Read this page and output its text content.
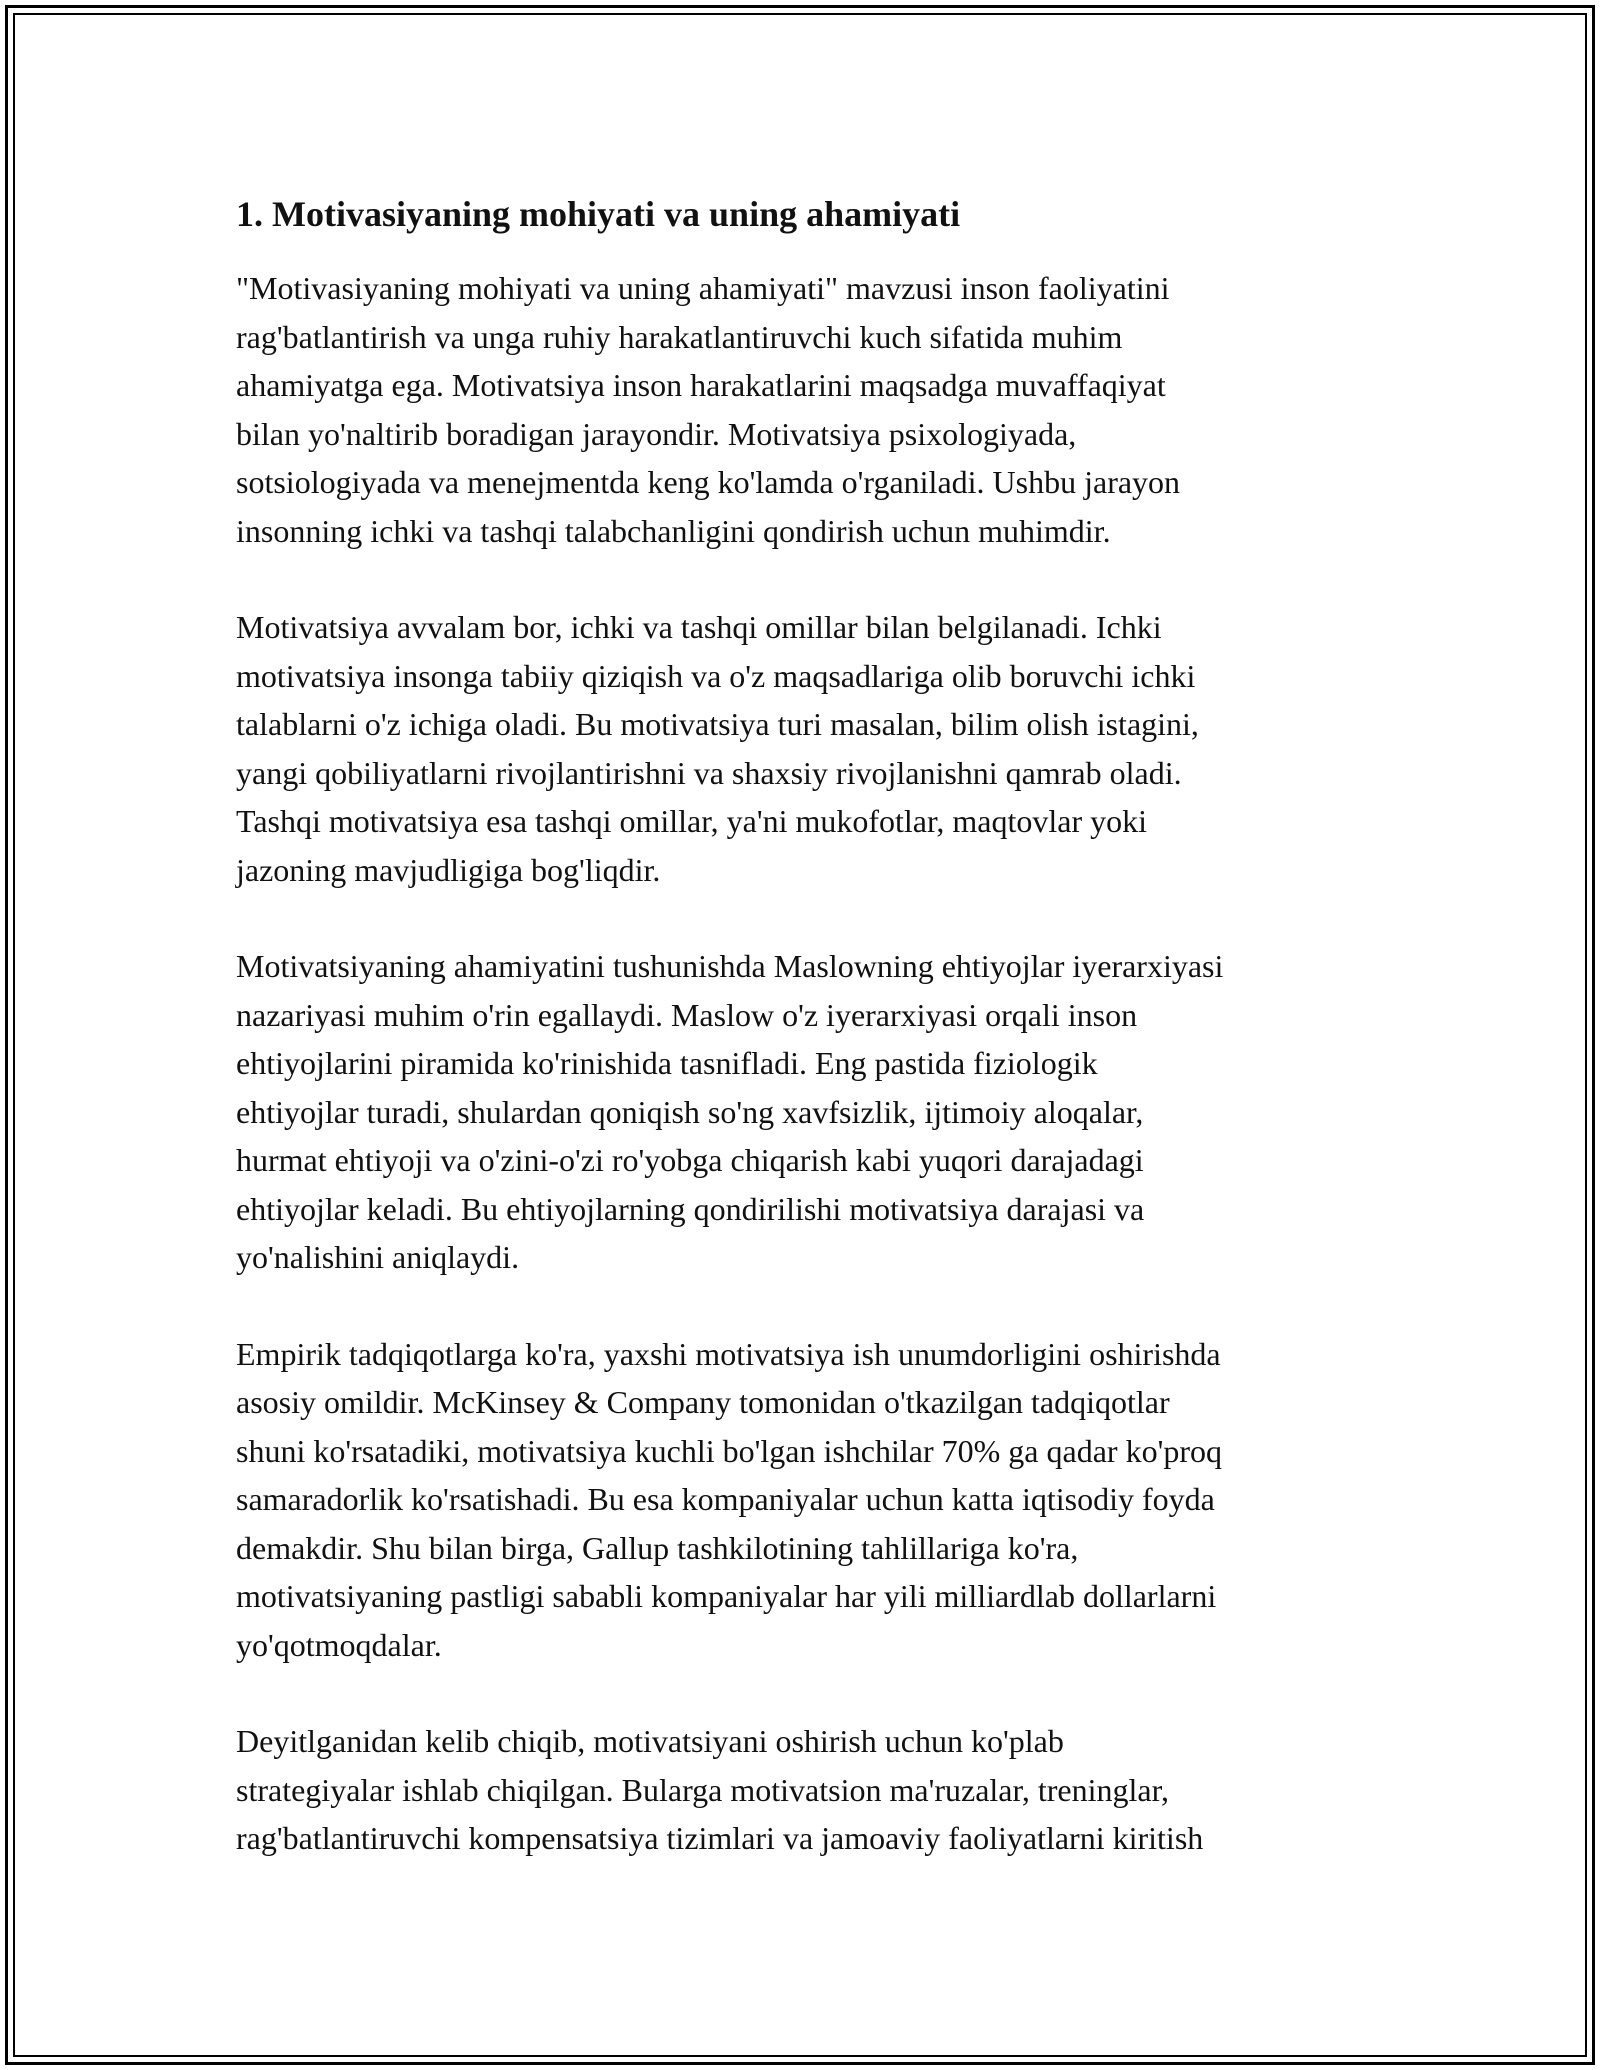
1. Motivasiyaning mohiyati va uning ahamiyati

"Motivasiyaning mohiyati va uning ahamiyati" mavzusi inson faoliyatini
rag'batlantirish va unga ruhiy harakatlantiruvchi kuch sifatida muhim
ahamiyatga ega. Motivatsiya inson harakatlarini maqsadga muvaffaqiyat
bilan yo'naltirib boradigan jarayondir. Motivatsiya psixologiyada,
sotsiologiyada va menejmentda keng ko'lamda o'rganiladi. Ushbu jarayon
insonning ichki va tashqi talabchanligini qondirish uchun muhimdir.

Motivatsiya avvalam bor, ichki va tashqi omillar bilan belgilanadi. Ichki
motivatsiya insonga tabiiy qiziqish va o'z maqsadlariga olib boruvchi ichki
talablarni o'z ichiga oladi. Bu motivatsiya turi masalan, bilim olish istagini,
yangi qobiliyatlarni rivojlantirishni va shaxsiy rivojlanishni qamrab oladi.
Tashqi motivatsiya esa tashqi omillar, ya'ni mukofotlar, maqtovlar yoki
jazoning mavjudligiga bog'liqdir.

Motivatsiyaning ahamiyatini tushunishda Maslowning ehtiyojlar iyerarxiyasi
nazariyasi muhim o'rin egallaydi. Maslow o'z iyerarxiyasi orqali inson
ehtiyojlarini piramida ko'rinishida tasnifladi. Eng pastida fiziologik
ehtiyojlar turadi, shulardan qoniqish so'ng xavfsizlik, ijtimoiy aloqalar,
hurmat ehtiyoji va o'zini-o'zi ro'yobga chiqarish kabi yuqori darajadagi
ehtiyojlar keladi. Bu ehtiyojlarning qondirilishi motivatsiya darajasi va
yo'nalishini aniqlaydi.

Empirik tadqiqotlarga ko'ra, yaxshi motivatsiya ish unumdorligini oshirishda
asosiy omildir. McKinsey & Company tomonidan o'tkazilgan tadqiqotlar
shuni ko'rsatadiki, motivatsiya kuchli bo'lgan ishchilar 70% ga qadar ko'proq
samaradorlik ko'rsatishadi. Bu esa kompaniyalar uchun katta iqtisodiy foyda
demakdir. Shu bilan birga, Gallup tashkilotining tahlillariga ko'ra,
motivatsiyaning pastligi sababli kompaniyalar har yili milliardlab dollarlarni
yo'qotmoqdalar.

Deyitlganidan kelib chiqib, motivatsiyani oshirish uchun ko'plab
strategiyalar ishlab chiqilgan. Bularga motivatsion ma'ruzalar, treninglar,
rag'batlantiruvchi kompensatsiya tizimlari va jamoaviy faoliyatlarni kiritish
